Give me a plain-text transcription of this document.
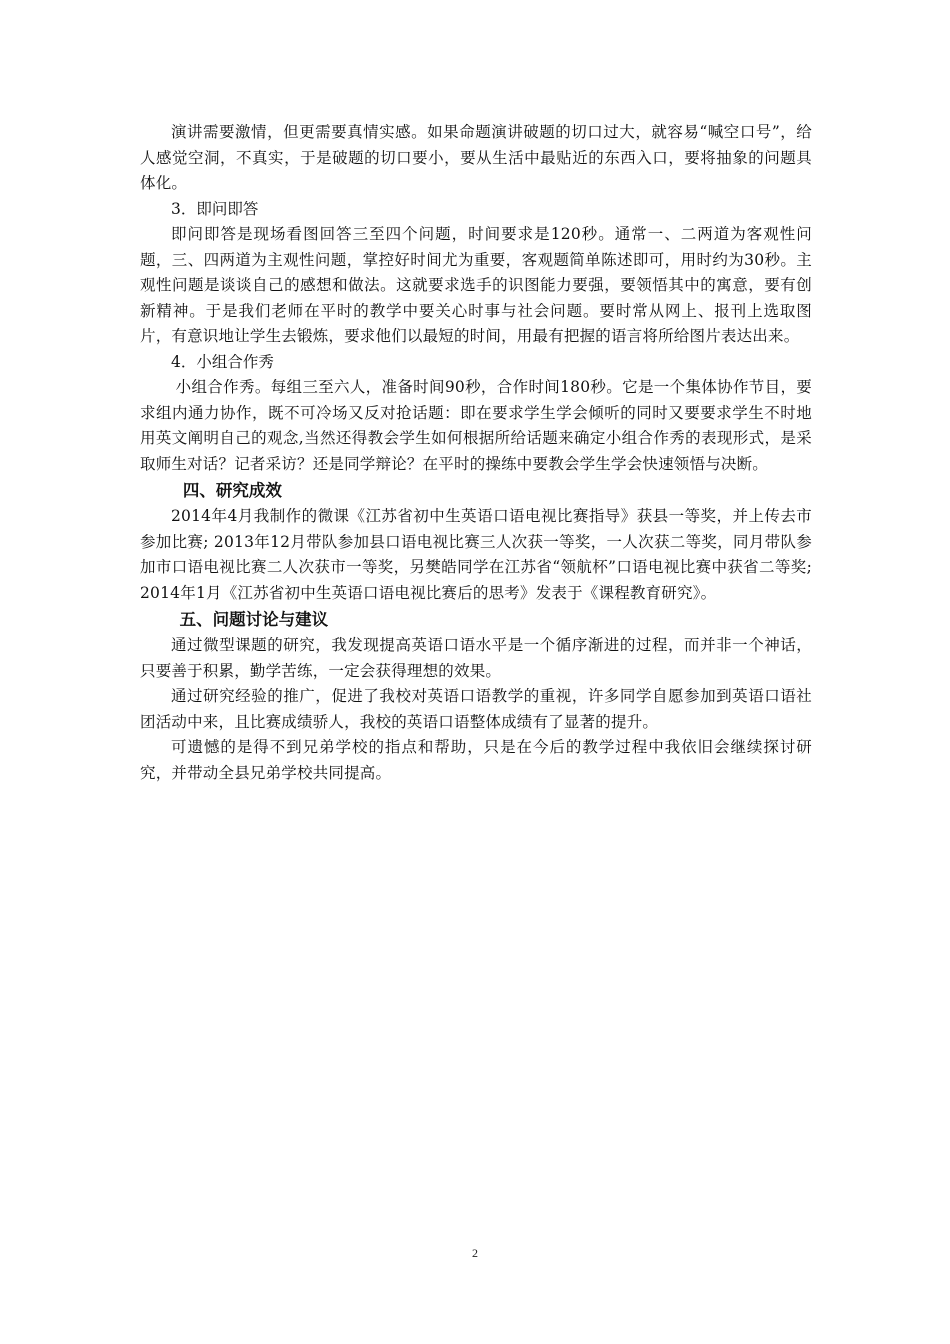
演讲需要激情，但更需要真情实感。如果命题演讲破题的切口过大，就容易“喊空口号”，给人感觉空洞，不真实，于是破题的切口要小，要从生活中最贴近的东西入口，要将抽象的问题具体化。

3．即问即答

即问即答是现场看图回答三至四个问题，时间要求是120秒。通常一、二两道为客观性问题，三、四两道为主观性问题，掌控好时间尤为重要，客观题简单陈述即可，用时约为30秒。主观性问题是谈谈自己的感想和做法。这就要求选手的识图能力要强，要领悟其中的寓意，要有创新精神。于是我们老师在平时的教学中要关心时事与社会问题。要时常从网上、报刊上选取图片，有意识地让学生去锻炼，要求他们以最短的时间，用最有把握的语言将所给图片表达出来。

4．小组合作秀

小组合作秀。每组三至六人，准备时间90秒，合作时间180秒。它是一个集体协作节目，要求组内通力协作，既不可冷场又反对抢话题：即在要求学生学会倾听的同时又要要求学生不时地用英文阐明自己的观念,当然还得教会学生如何根据所给话题来确定小组合作秀的表现形式，是采取师生对话？记者采访？还是同学辩论？在平时的操练中要教会学生学会快速领悟与决断。

四、研究成效

2014年4月我制作的微课《江苏省初中生英语口语电视比赛指导》获县一等奖，并上传去市参加比赛; 2013年12月带队参加县口语电视比赛三人次获一等奖，一人次获二等奖，同月带队参加市口语电视比赛二人次获市一等奖，另樊皓同学在江苏省“领航杯”口语电视比赛中获省二等奖; 2014年1月《江苏省初中生英语口语电视比赛后的思考》发表于《课程教育研究》。

五、问题讨论与建议

通过微型课题的研究，我发现提高英语口语水平是一个循序渐进的过程，而并非一个神话，只要善于积累，勤学苦练，一定会获得理想的效果。

通过研究经验的推广，促进了我校对英语口语教学的重视，许多同学自愿参加到英语口语社团活动中来，且比赛成绩骄人，我校的英语口语整体成绩有了显著的提升。

可遗憾的是得不到兄弟学校的指点和帮助，只是在今后的教学过程中我依旧会继续探讨研究，并带动全县兄弟学校共同提高。

2
